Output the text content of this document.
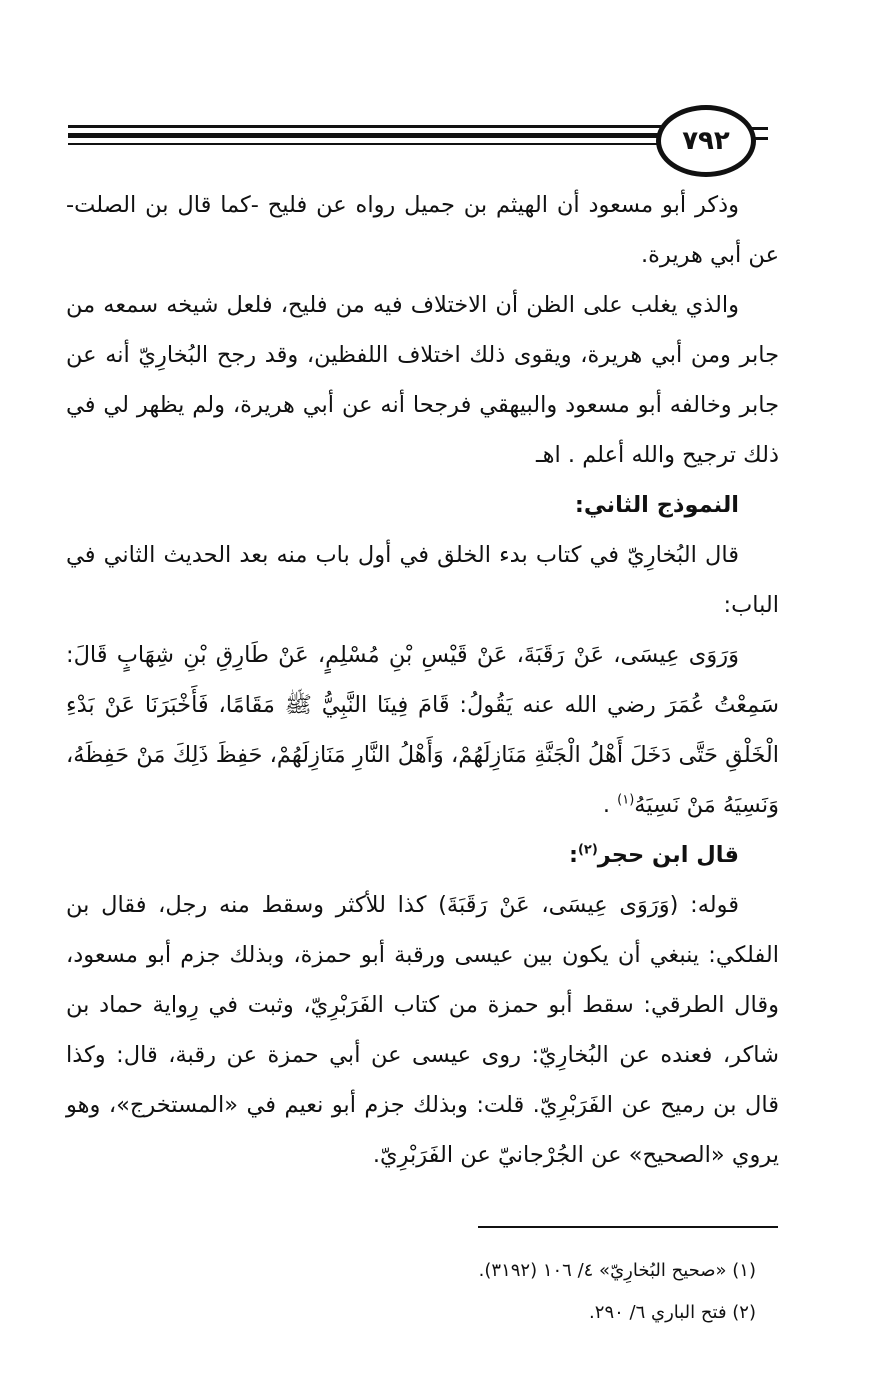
٧٩٢

وذكر أبو مسعود أن الهيثم بن جميل رواه عن فليح -كما قال بن الصلت- عن أبي هريرة.

والذي يغلب على الظن أن الاختلاف فيه من فليح، فلعل شيخه سمعه من جابر ومن أبي هريرة، ويقوى ذلك اختلاف اللفظين، وقد رجح البُخارِيّ أنه عن جابر وخالفه أبو مسعود والبيهقي فرجحا أنه عن أبي هريرة، ولم يظهر لي في ذلك ترجيح والله أعلم . اهـ

النموذج الثاني:

قال البُخارِيّ في كتاب بدء الخلق في أول باب منه بعد الحديث الثاني في الباب:

وَرَوَى عِيسَى، عَنْ رَقَبَةَ، عَنْ قَيْسِ بْنِ مُسْلِمٍ، عَنْ طَارِقِ بْنِ شِهَابٍ قَالَ: سَمِعْتُ عُمَرَ رضي الله عنه يَقُولُ: قَامَ فِينَا النَّبِيُّ ﷺ مَقَامًا، فَأَخْبَرَنَا عَنْ بَدْءِ الْخَلْقِ حَتَّى دَخَلَ أَهْلُ الْجَنَّةِ مَنَازِلَهُمْ، وَأَهْلُ النَّارِ مَنَازِلَهُمْ، حَفِظَ ذَلِكَ مَنْ حَفِظَهُ، وَنَسِيَهُ مَنْ نَسِيَهُ$^{(١)}$ .

قال ابن حجر$^{(٢)}$:

قوله: (وَرَوَى عِيسَى، عَنْ رَقَبَةَ) كذا للأكثر وسقط منه رجل، فقال بن الفلكي: ينبغي أن يكون بين عيسى ورقبة أبو حمزة، وبذلك جزم أبو مسعود، وقال الطرقي: سقط أبو حمزة من كتاب الفَرَبْرِيّ، وثبت في رِواية حماد بن شاكر، فعنده عن البُخارِيّ: روى عيسى عن أبي حمزة عن رقبة، قال: وكذا قال بن رميح عن الفَرَبْرِيّ. قلت: وبذلك جزم أبو نعيم في «المستخرج»، وهو يروي «الصحيح» عن الجُرْجانيّ عن الفَرَبْرِيّ.

(١) «صحيح البُخارِيّ» ٤/ ١٠٦ (٣١٩٢).

(٢) فتح الباري ٦/ ٢٩٠.
